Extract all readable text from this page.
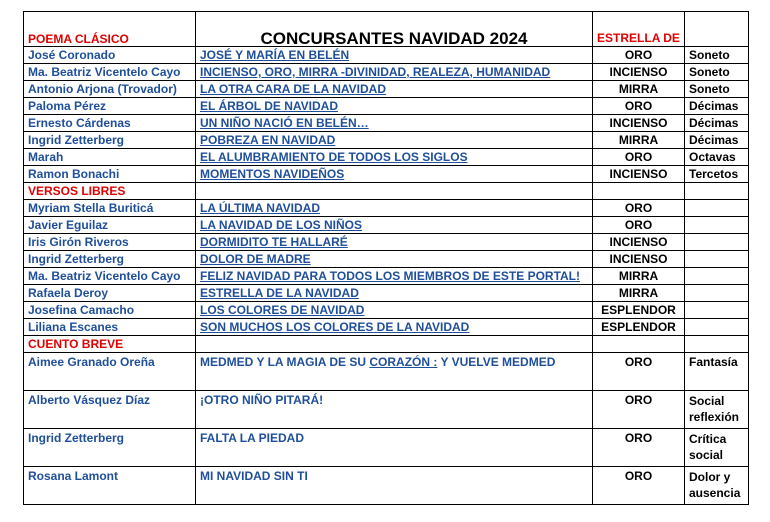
POEMA CLÁSICO	CONCURSANTES NAVIDAD 2024	ESTRELLA DE	
José Coronado	JOSÉ Y MARÍA EN BELÉN	ORO	Soneto
Ma. Beatriz Vicentelo Cayo	INCIENSO, ORO, MIRRA -DIVINIDAD, REALEZA, HUMANIDAD	INCIENSO	Soneto
Antonio Arjona (Trovador)	LA OTRA CARA DE LA NAVIDAD	MIRRA	Soneto
Paloma Pérez	EL ÁRBOL DE NAVIDAD	ORO	Décimas
Ernesto Cárdenas	UN NIÑO NACIÓ EN BELÉN…	INCIENSO	Décimas
Ingrid Zetterberg	POBREZA EN NAVIDAD	MIRRA	Décimas
Marah	EL ALUMBRAMIENTO DE TODOS LOS SIGLOS	ORO	Octavas
Ramon Bonachi	MOMENTOS NAVIDEÑOS	INCIENSO	Tercetos
VERSOS LIBRES			
Myriam Stella Buriticá	LA ÚLTIMA NAVIDAD	ORO	
Javier Eguilaz	LA NAVIDAD DE LOS NIÑOS	ORO	
Iris Girón Riveros	DORMIDITO TE HALLARÉ	INCIENSO	
Ingrid Zetterberg	DOLOR DE MADRE	INCIENSO	
Ma. Beatriz Vicentelo Cayo	FELIZ NAVIDAD PARA TODOS LOS MIEMBROS DE ESTE PORTAL!	MIRRA	
Rafaela Deroy	ESTRELLA DE LA NAVIDAD	MIRRA	
Josefina Camacho	LOS COLORES DE NAVIDAD	ESPLENDOR	
Liliana Escanes	SON MUCHOS LOS COLORES DE LA NAVIDAD	ESPLENDOR	
CUENTO BREVE			
Aimee Granado Oreña	MEDMED Y LA MAGIA DE SU CORAZÓN : Y VUELVE MEDMED	ORO	Fantasía
Alberto Vásquez Díaz	¡OTRO NIÑO PITARÁ!	ORO	Social reflexión
Ingrid Zetterberg	FALTA LA PIEDAD	ORO	Crítica social
Rosana Lamont	MI NAVIDAD SIN TI	ORO	Dolor y ausencia
